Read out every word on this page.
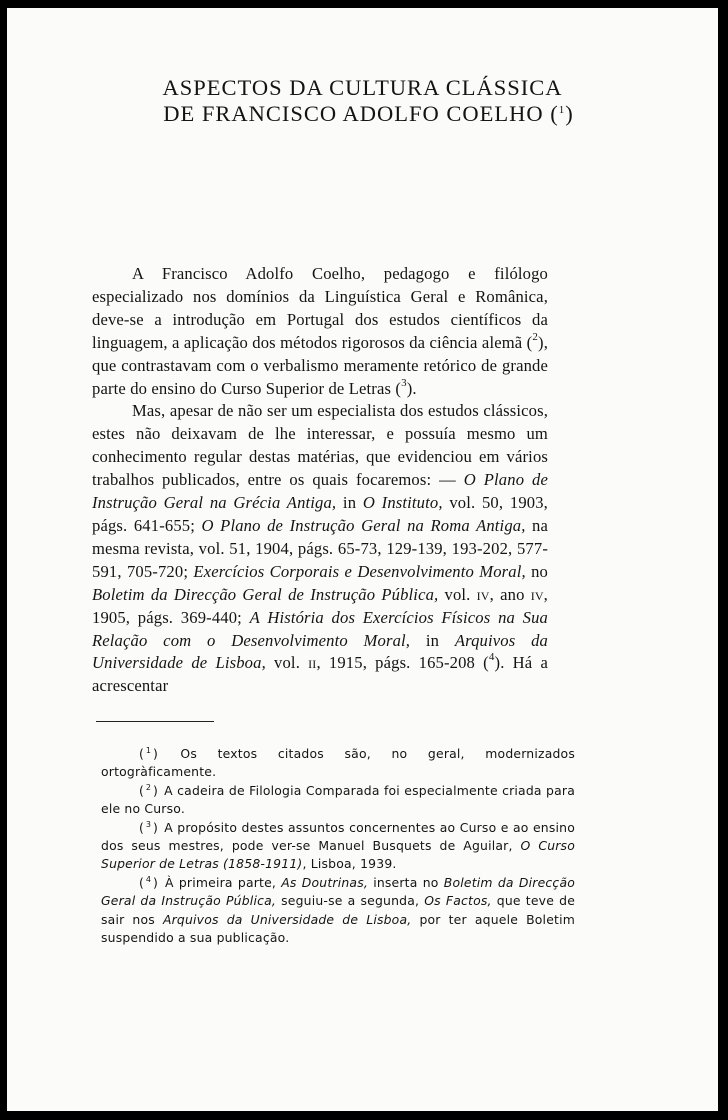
ASPECTOS DA CULTURA CLÁSSICA
DE FRANCISCO ADOLFO COELHO ($^1$)

A Francisco Adolfo Coelho, pedagogo e filólogo especializado nos domínios da Linguística Geral e Românica, deve-se a introdução em Portugal dos estudos científicos da linguagem, a aplicação dos métodos rigorosos da ciência alemã ($^2$), que contrastavam com o verbalismo meramente retórico de grande parte do ensino do Curso Superior de Letras ($^3$).

Mas, apesar de não ser um especialista dos estudos clássicos, estes não deixavam de lhe interessar, e possuía mesmo um conhecimento regular destas matérias, que evidenciou em vários trabalhos publicados, entre os quais focaremos: — O Plano de Instrução Geral na Grécia Antiga, in O Instituto, vol. 50, 1903, págs. 641-655; O Plano de Instrução Geral na Roma Antiga, na mesma revista, vol. 51, 1904, págs. 65-73, 129-139, 193-202, 577-591, 705-720; Exercícios Corporais e Desenvolvimento Moral, no Boletim da Direcção Geral de Instrução Pública, vol. iv, ano iv, 1905, págs. 369-440; A História dos Exercícios Físicos na Sua Relação com o Desenvolvimento Moral, in Arquivos da Universidade de Lisboa, vol. ii, 1915, págs. 165-208 ($^4$). Há a acrescentar

($^1$) Os textos citados são, no geral, modernizados ortogràficamente.

($^2$) A cadeira de Filologia Comparada foi especialmente criada para ele no Curso.

($^3$) A propósito destes assuntos concernentes ao Curso e ao ensino dos seus mestres, pode ver-se Manuel Busquets de Aguilar, O Curso Superior de Letras (1858-1911), Lisboa, 1939.

($^4$) À primeira parte, As Doutrinas, inserta no Boletim da Direcção Geral da Instrução Pública, seguiu-se a segunda, Os Factos, que teve de sair nos Arquivos da Universidade de Lisboa, por ter aquele Boletim suspendido a sua publicação.
